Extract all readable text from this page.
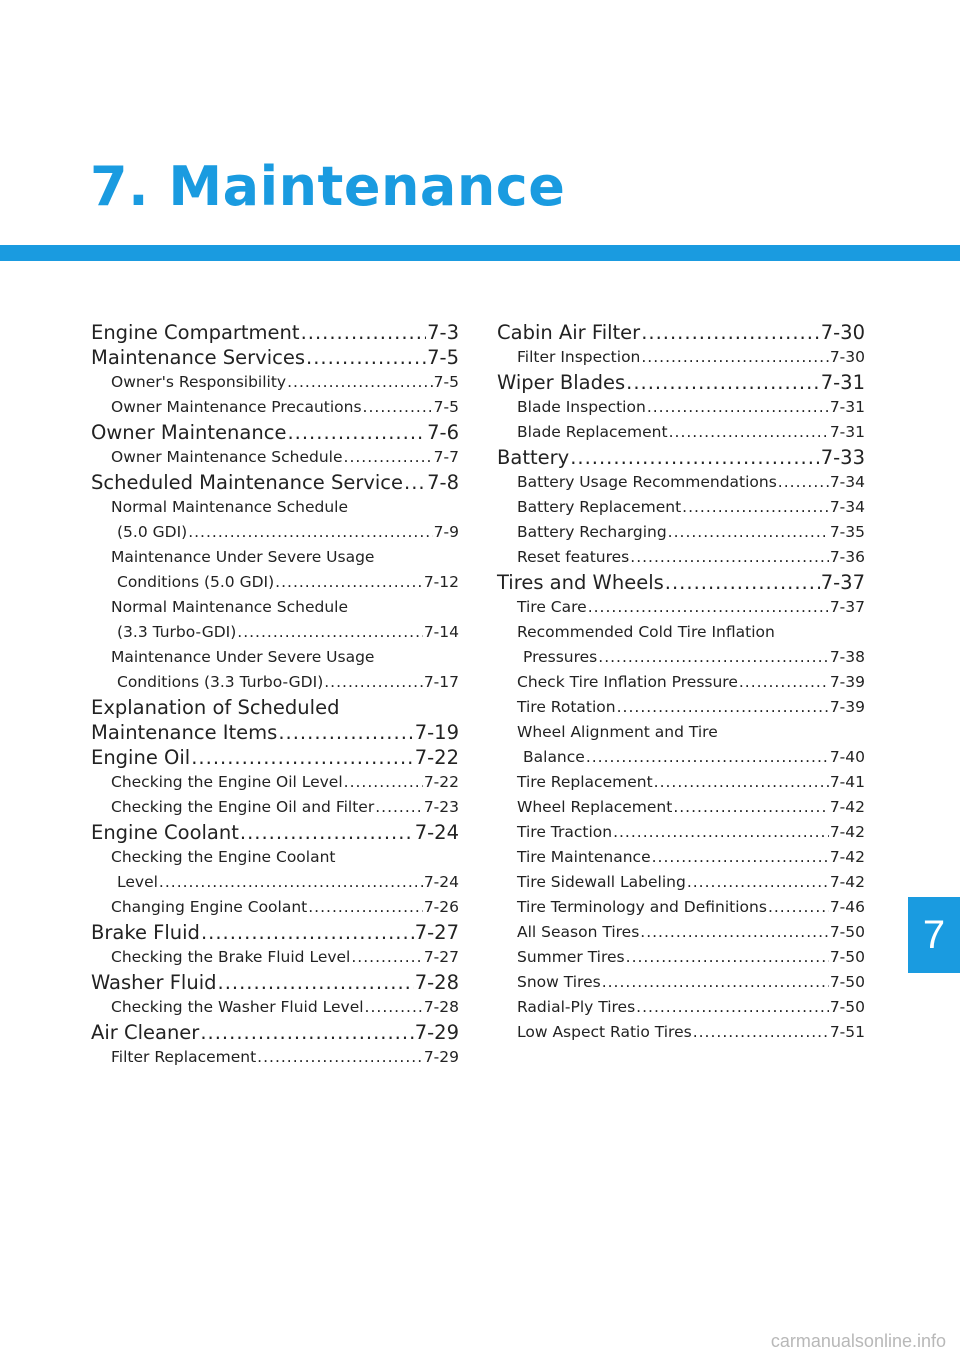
7. Maintenance
Engine Compartment .....	7-3
Maintenance Services .....	7-5
Owner's Responsibility .....	7-5
Owner Maintenance Precautions .....	7-5
Owner Maintenance .....	7-6
Owner Maintenance Schedule .....	7-7
Scheduled Maintenance Service ..... 7-8
Normal Maintenance Schedule
(5.0 GDI) .....	7-9
Maintenance Under Severe Usage
Conditions (5.0 GDI) .....	7-12
Normal Maintenance Schedule
(3.3 Turbo-GDI) .....	7-14
Maintenance Under Severe Usage
Conditions (3.3 Turbo-GDI) .....	7-17
Explanation of Scheduled
Maintenance Items .....	7-19
Engine Oil .....	7-22
Checking the Engine Oil Level .....	7-22
Checking the Engine Oil and Filter .....	7-23
Engine Coolant .....	7-24
Checking the Engine Coolant
Level .....	7-24
Changing Engine Coolant .....	7-26
Brake Fluid .....	7-27
Checking the Brake Fluid Level .....	7-27
Washer Fluid .....	7-28
Checking the Washer Fluid Level .....	7-28
Air Cleaner .....	7-29
Filter Replacement .....	7-29
Cabin Air Filter .....	7-30
Filter Inspection .....	7-30
Wiper Blades .....	7-31
Blade Inspection .....	7-31
Blade Replacement .....	7-31
Battery .....	7-33
Battery Usage Recommendations .....	7-34
Battery Replacement .....	7-34
Battery Recharging .....	7-35
Reset features .....	7-36
Tires and Wheels .....	7-37
Tire Care .....	7-37
Recommended Cold Tire Inflation
Pressures .....	7-38
Check Tire Inflation Pressure .....	7-39
Tire Rotation .....	7-39
Wheel Alignment and Tire
Balance .....	7-40
Tire Replacement .....	7-41
Wheel Replacement .....	7-42
Tire Traction .....	7-42
Tire Maintenance .....	7-42
Tire Sidewall Labeling .....	7-42
Tire Terminology and Definitions .....	7-46
All Season Tires .....	7-50
Summer Tires .....	7-50
Snow Tires .....	7-50
Radial-Ply Tires .....	7-50
Low Aspect Ratio Tires .....	7-51
7
carmanualsonline.info
